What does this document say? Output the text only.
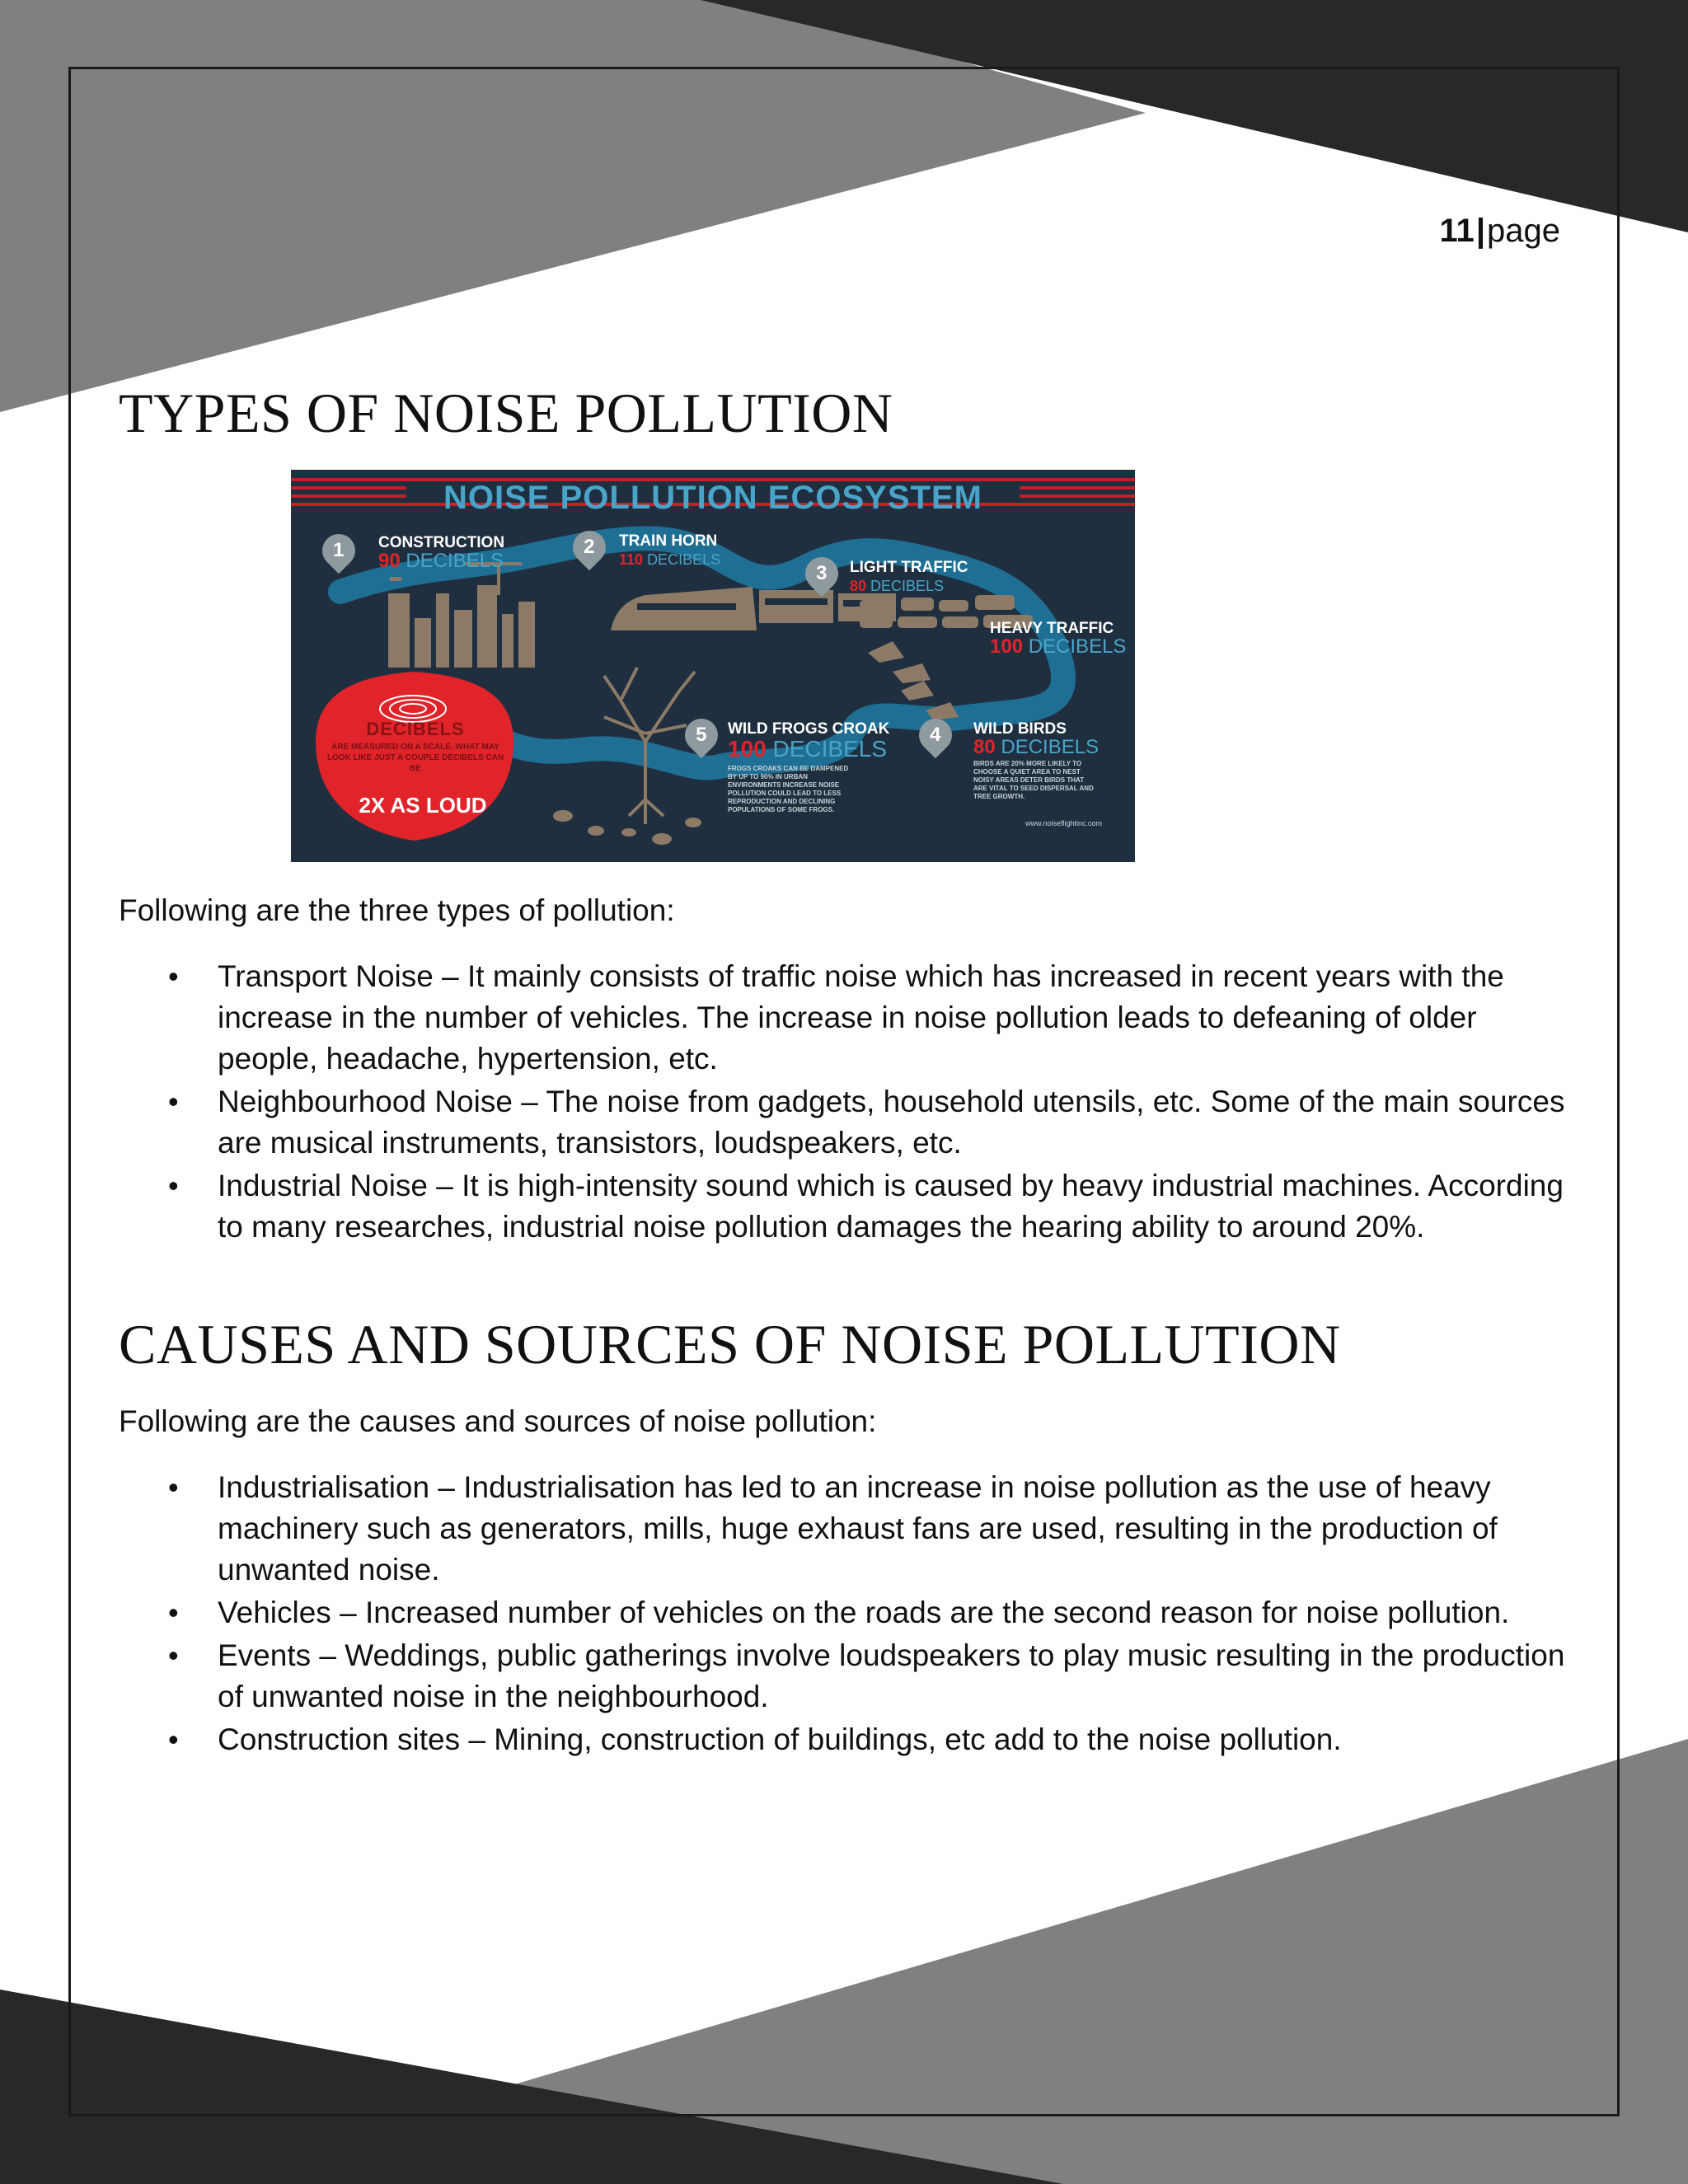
11|page
TYPES OF NOISE POLLUTION
NOISE POLLUTION ECOSYSTEM
1	CONSTRUCTION
90 DECIBELS
2	TRAIN HORN
110 DECIBELS
3	LIGHT TRAFFIC
80 DECIBELS
HEAVY TRAFFIC
100 DECIBELS
5	WILD FROGS CROAK
100 DECIBELS
FROGS CROAKS CAN BE DAMPENED BY UP TO 90% IN URBAN ENVIRONMENTS INCREASE NOISE POLLUTION COULD LEAD TO LESS REPRODUCTION AND DECLINING POPULATIONS OF SOME FROGS.
4	WILD BIRDS
80 DECIBELS
BIRDS ARE 20% MORE LIKELY TO CHOOSE A QUIET AREA TO NEST NOISY AREAS DETER BIRDS THAT ARE VITAL TO SEED DISPERSAL AND TREE GROWTH.
DECIBELS
ARE MEASURED ON A SCALE. WHAT MAY LOOK LIKE JUST A COUPLE DECIBELS CAN BE
2X AS LOUD
www.noiseflightinc.com

Following are the three types of pollution:

• Transport Noise – It mainly consists of traffic noise which has increased in recent years with the increase in the number of vehicles. The increase in noise pollution leads to defeaning of older people, headache, hypertension, etc.
• Neighbourhood Noise – The noise from gadgets, household utensils, etc. Some of the main sources are musical instruments, transistors, loudspeakers, etc.
• Industrial Noise – It is high-intensity sound which is caused by heavy industrial machines. According to many researches, industrial noise pollution damages the hearing ability to around 20%.
CAUSES AND SOURCES OF NOISE POLLUTION

Following are the causes and sources of noise pollution:

• Industrialisation – Industrialisation has led to an increase in noise pollution as the use of heavy machinery such as generators, mills, huge exhaust fans are used, resulting in the production of unwanted noise.
• Vehicles – Increased number of vehicles on the roads are the second reason for noise pollution.
• Events – Weddings, public gatherings involve loudspeakers to play music resulting in the production of unwanted noise in the neighbourhood.
• Construction sites – Mining, construction of buildings, etc add to the noise pollution.
